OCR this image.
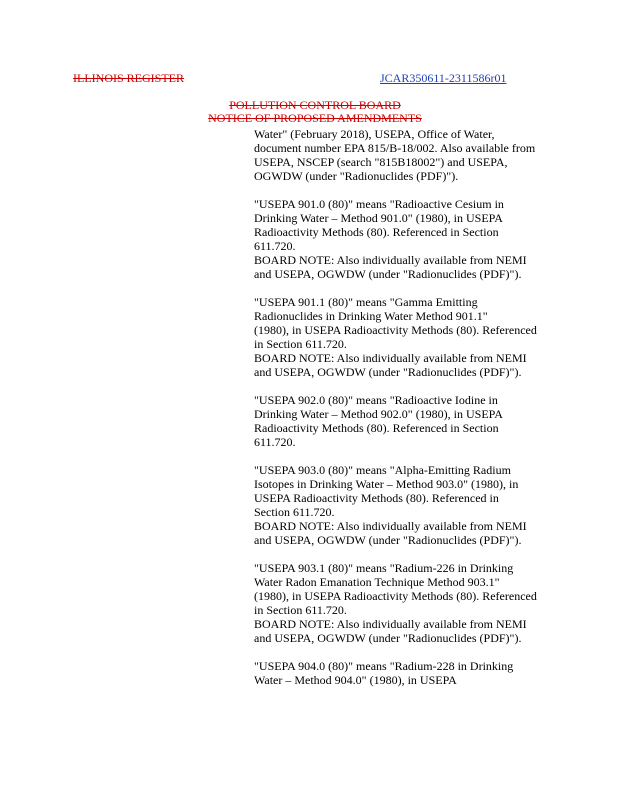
ILLINOIS REGISTER	JCAR350611-2311586r01
POLLUTION CONTROL BOARD
NOTICE OF PROPOSED AMENDMENTS
Water" (February 2018), USEPA, Office of Water,
document number EPA 815/B-18/002. Also available from
USEPA, NSCEP (search "815B18002") and USEPA,
OGWDW (under "Radionuclides (PDF)").
"USEPA 901.0 (80)" means "Radioactive Cesium in
Drinking Water – Method 901.0" (1980), in USEPA
Radioactivity Methods (80). Referenced in Section
611.720.
BOARD NOTE: Also individually available from NEMI
and USEPA, OGWDW (under "Radionuclides (PDF)").
"USEPA 901.1 (80)" means "Gamma Emitting
Radionuclides in Drinking Water Method 901.1"
(1980), in USEPA Radioactivity Methods (80). Referenced
in Section 611.720.
BOARD NOTE: Also individually available from NEMI
and USEPA, OGWDW (under "Radionuclides (PDF)").
"USEPA 902.0 (80)" means "Radioactive Iodine in
Drinking Water – Method 902.0" (1980), in USEPA
Radioactivity Methods (80). Referenced in Section
611.720.
"USEPA 903.0 (80)" means "Alpha-Emitting Radium
Isotopes in Drinking Water – Method 903.0" (1980), in
USEPA Radioactivity Methods (80). Referenced in
Section 611.720.
BOARD NOTE: Also individually available from NEMI
and USEPA, OGWDW (under "Radionuclides (PDF)").
"USEPA 903.1 (80)" means "Radium-226 in Drinking
Water Radon Emanation Technique Method 903.1"
(1980), in USEPA Radioactivity Methods (80). Referenced
in Section 611.720.
BOARD NOTE: Also individually available from NEMI
and USEPA, OGWDW (under "Radionuclides (PDF)").
"USEPA 904.0 (80)" means "Radium-228 in Drinking
Water – Method 904.0" (1980), in USEPA
